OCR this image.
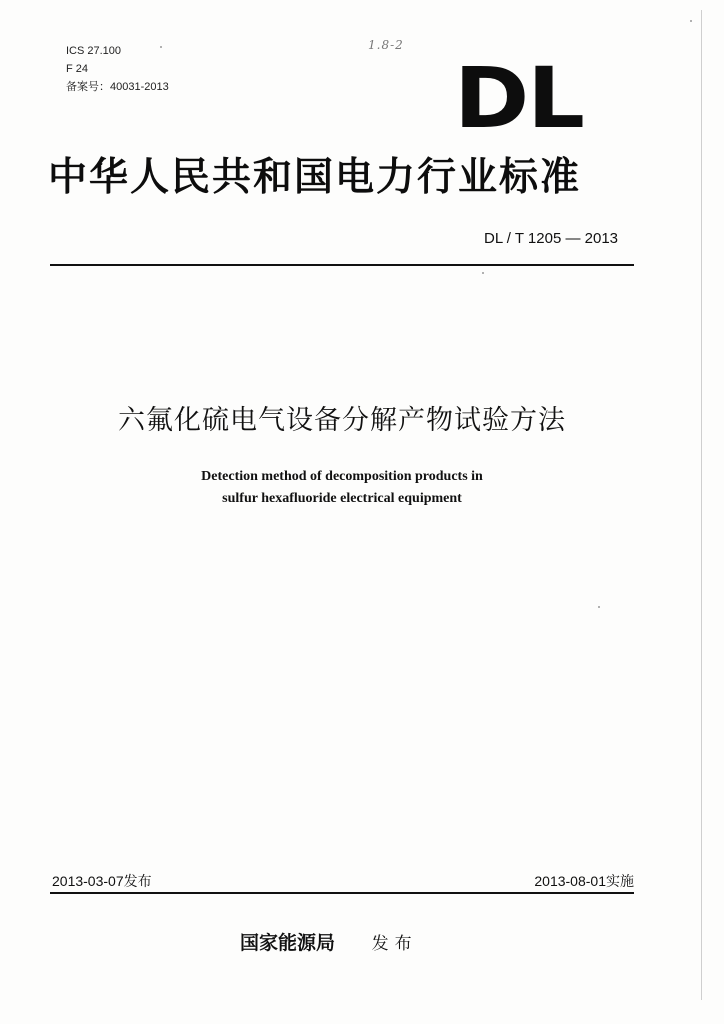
ICS 27.100
F 24
备案号：40031-2013
1.8-2
DL
中华人民共和国电力行业标准
DL / T 1205 — 2013
六氟化硫电气设备分解产物试验方法
Detection method of decomposition products in
sulfur hexafluoride electrical equipment
2013-03-07发布	2013-08-01实施
国家能源局 发布
